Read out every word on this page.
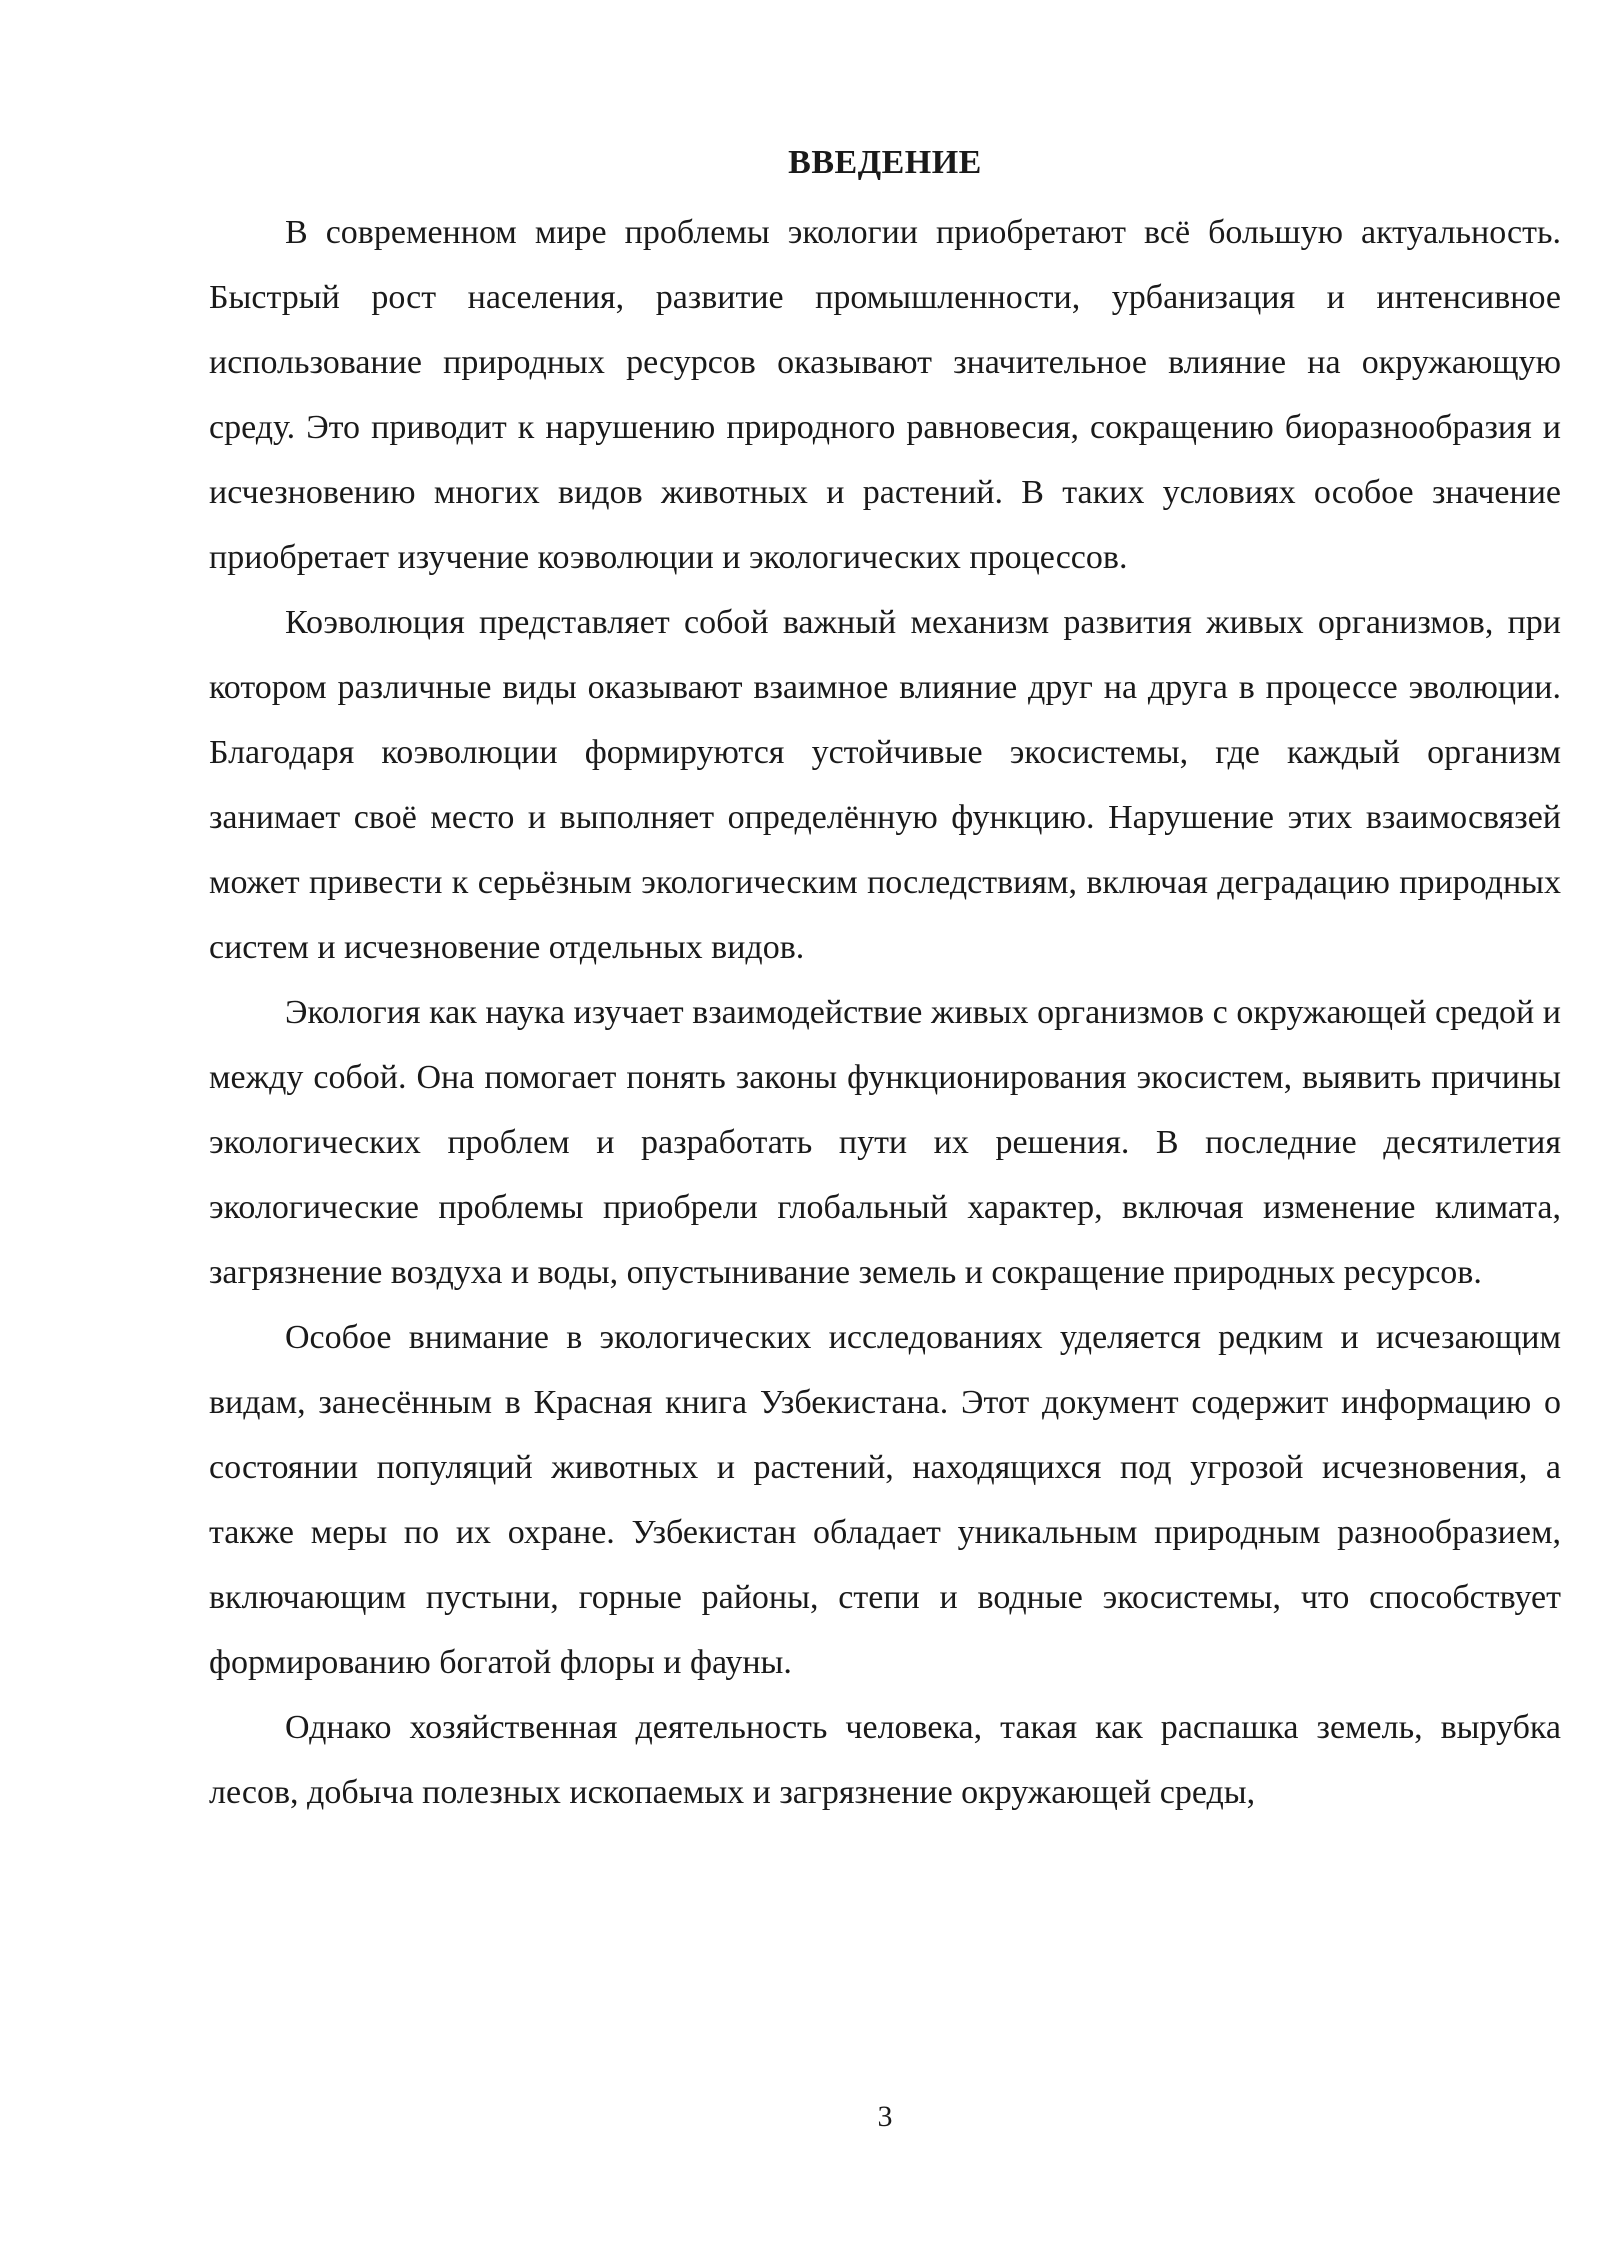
ВВЕДЕНИЕ

В современном мире проблемы экологии приобретают всё большую актуальность. Быстрый рост населения, развитие промышленности, урбанизация и интенсивное использование природных ресурсов оказывают значительное влияние на окружающую среду. Это приводит к нарушению природного равновесия, сокращению биоразнообразия и исчезновению многих видов животных и растений. В таких условиях особое значение приобретает изучение коэволюции и экологических процессов.

Коэволюция представляет собой важный механизм развития живых организмов, при котором различные виды оказывают взаимное влияние друг на друга в процессе эволюции. Благодаря коэволюции формируются устойчивые экосистемы, где каждый организм занимает своё место и выполняет определённую функцию. Нарушение этих взаимосвязей может привести к серьёзным экологическим последствиям, включая деградацию природных систем и исчезновение отдельных видов.

Экология как наука изучает взаимодействие живых организмов с окружающей средой и между собой. Она помогает понять законы функционирования экосистем, выявить причины экологических проблем и разработать пути их решения. В последние десятилетия экологические проблемы приобрели глобальный характер, включая изменение климата, загрязнение воздуха и воды, опустынивание земель и сокращение природных ресурсов.

Особое внимание в экологических исследованиях уделяется редким и исчезающим видам, занесённым в Красная книга Узбекистана. Этот документ содержит информацию о состоянии популяций животных и растений, находящихся под угрозой исчезновения, а также меры по их охране. Узбекистан обладает уникальным природным разнообразием, включающим пустыни, горные районы, степи и водные экосистемы, что способствует формированию богатой флоры и фауны.

Однако хозяйственная деятельность человека, такая как распашка земель, вырубка лесов, добыча полезных ископаемых и загрязнение окружающей среды,

3
